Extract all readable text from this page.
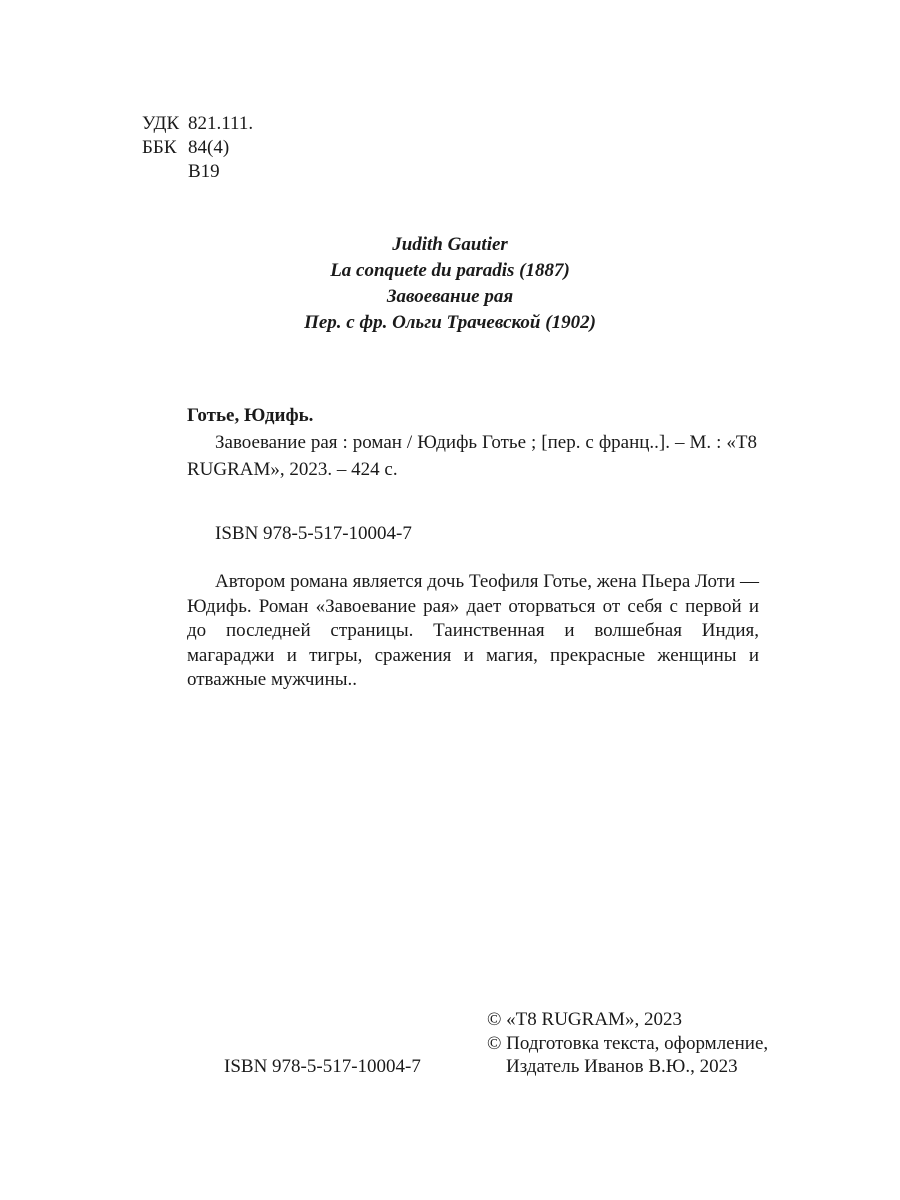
УДК 821.111.
ББК 84(4)
В19
Judith Gautier
La conquete du paradis (1887)
Завоевание рая
Пер. с фр. Ольги Трачевской (1902)
Готье, Юдифь.
Завоевание рая : роман / Юдифь Готье ; [пер. с франц..]. – М. : «Т8 RUGRAM», 2023. – 424 с.
ISBN 978-5-517-10004-7
Автором романа является дочь Теофиля Готье, жена Пьера Лоти — Юдифь. Роман «Завоевание рая» дает оторваться от себя с первой и до последней страницы. Таинственная и волшебная Индия, магараджи и тигры, сражения и магия, прекрасные женщины и отважные мужчины..
ISBN 978-5-517-10004-7
© «Т8 RUGRAM», 2023
© Подготовка текста, оформление,
Издатель Иванов В.Ю., 2023
